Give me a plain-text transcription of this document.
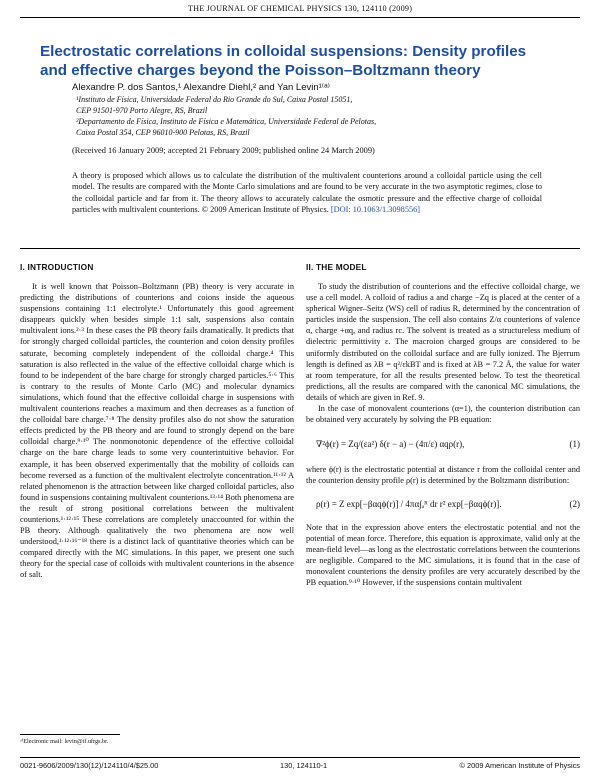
THE JOURNAL OF CHEMICAL PHYSICS 130, 124110 (2009)
Electrostatic correlations in colloidal suspensions: Density profiles
and effective charges beyond the Poisson–Boltzmann theory
Alexandre P. dos Santos,¹ Alexandre Diehl,² and Yan Levin¹⁽ᵃ⁾
¹Instituto de Física, Universidade Federal do Rio Grande do Sul, Caixa Postal 15051,
CEP 91501-970 Porto Alegre, RS, Brazil
²Departamento de Física, Instituto de Física e Matemática, Universidade Federal de Pelotas,
Caixa Postal 354, CEP 96010-900 Pelotas, RS, Brazil
(Received 16 January 2009; accepted 21 February 2009; published online 24 March 2009)
A theory is proposed which allows us to calculate the distribution of the multivalent counterions around a colloidal particle using the cell model. The results are compared with the Monte Carlo simulations and are found to be very accurate in the two asymptotic regimes, close to the colloidal particle and far from it. The theory allows to accurately calculate the osmotic pressure and the effective charge of colloidal particles with multivalent counterions. © 2009 American Institute of Physics. [DOI: 10.1063/1.3098556]
I. INTRODUCTION

It is well known that Poisson–Boltzmann (PB) theory is very accurate in predicting the distributions of counterions and coions inside the aqueous suspensions containing 1:1 electrolyte.¹ Unfortunately this good agreement disappears quickly when besides simple 1:1 salt, suspensions also contain multivalent ions.²·³ In these cases the PB theory fails dramatically. It predicts that for strongly charged colloidal particles, the counterion and coion density profiles saturate, becoming completely independent of the colloidal charge.⁴ This saturation is also reflected in the value of the effective colloidal charge which is found to be independent of the bare charge for strongly charged particles.⁵·⁶ This is contrary to the results of Monte Carlo (MC) and molecular dynamics simulations, which found that the effective colloidal charge in suspensions with multivalent counterions reaches a maximum and then decreases as a function of the colloidal bare charge.⁷·⁸ The density profiles also do not show the saturation effects predicted by the PB theory and are found to strongly depend on the bare colloidal charge.⁹·¹⁰ The nonmonotonic dependence of the effective colloidal charge on the bare charge leads to some very counterintuitive behavior. For example, it has been observed experimentally that the mobility of colloids can become reversed as a function of the multivalent electrolyte concentration.¹¹·¹² A related phenomenon is the attraction between like charged colloidal particles, also found in suspensions containing multivalent counterions.¹³·¹⁴ Both phenomena are the result of strong positional correlations between the multivalent counterions.¹·¹²·¹⁵ These correlations are completely unaccounted for within the PB theory. Although qualitatively the two phenomena are now well understood,¹·¹²·¹⁶⁻¹⁸ there is a distinct lack of quantitative theories which can be compared directly with the MC simulations. In this paper, we present one such theory for the special case of colloids with multivalent counterions in the absence of salt.

II. THE MODEL

To study the distribution of counterions and the effective colloidal charge, we use a cell model. A colloid of radius a and charge −Zq is placed at the center of a spherical Wigner–Seitz (WS) cell of radius R, determined by the concentration of particles inside the suspension. The cell also contains Z/α counterions of valence α, charge +αq, and radius rc. The solvent is treated as a structureless medium of dielectric permittivity ε. The macroion charged groups are considered to be uniformly distributed on the colloidal surface and are fully ionized. The Bjerrum length is defined as λB = q²/εkBT and is fixed at λB = 7.2 Å, the value for water at room temperature, for all the results presented below. To test the theoretical predictions, all the results are compared with the canonical MC simulations, the details of which are given in Ref. 9.

In the case of monovalent counterions (α=1), the counterion distribution can be obtained very accurately by solving the PB equation:

∇²ϕ(r) = Zq/(εa²) δ(r − a) − (4π/ε) αqρ(r),	(1)

where ϕ(r) is the electrostatic potential at distance r from the colloidal center and the counterion density profile ρ(r) is determined by the Boltzmann distribution:

ρ(r) = Z exp[−βαqϕ(r)] / 4πα∫ₐᴿ dr r² exp[−βαqϕ(r)].	(2)

Note that in the expression above enters the electrostatic potential and not the potential of mean force. Therefore, this equation is approximate, valid only at the mean-field level—as long as the electrostatic correlations between the counterions are negligible. Compared to the MC simulations, it is found that in the case of monovalent counterions the density profiles are very accurately described by the PB equation.⁹·¹⁰ However, if the suspensions contain multivalent

ᵃ⁾Electronic mail: levin@if.ufrgs.br.
0021-9606/2009/130(12)/124110/4/$25.00	130, 124110-1	© 2009 American Institute of Physics
